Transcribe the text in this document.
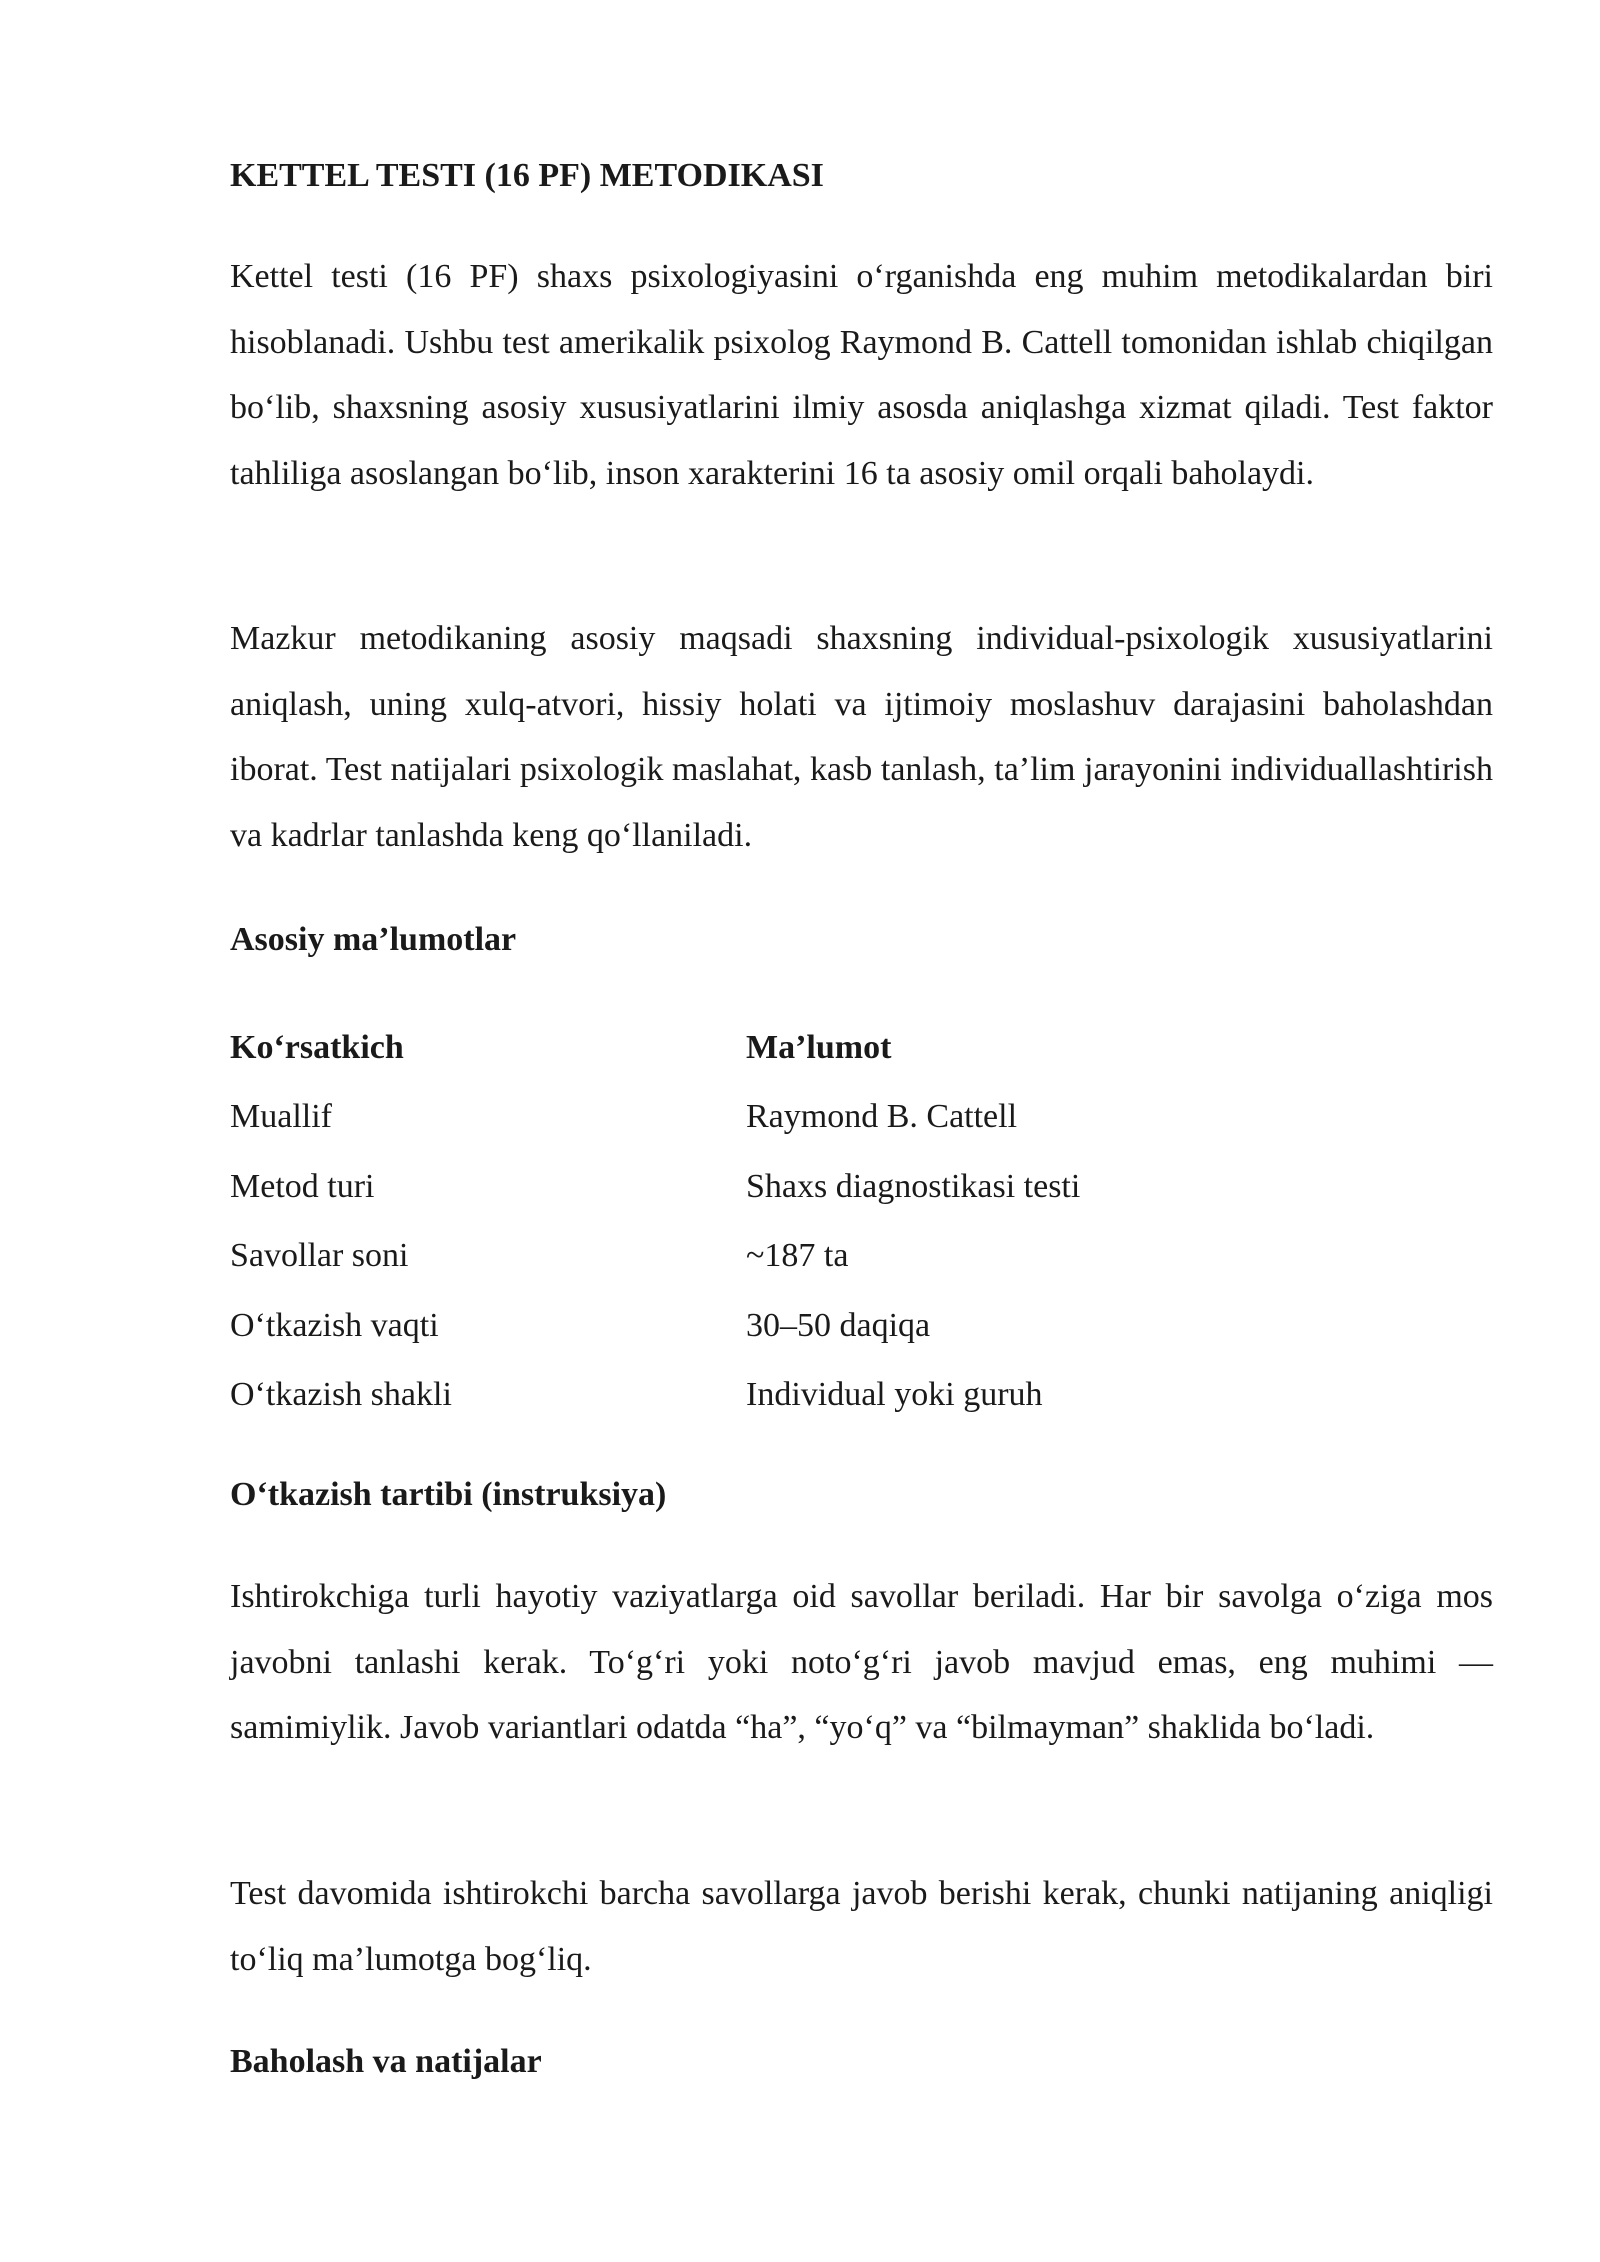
KETTEL TESTI (16 PF) METODIKASI

Kettel testi (16 PF) shaxs psixologiyasini o‘rganishda eng muhim metodikalardan biri hisoblanadi. Ushbu test amerikalik psixolog Raymond B. Cattell tomonidan ishlab chiqilgan bo‘lib, shaxsning asosiy xususiyatlarini ilmiy asosda aniqlashga xizmat qiladi. Test faktor tahliliga asoslangan bo‘lib, inson xarakterini 16 ta asosiy omil orqali baholaydi.

Mazkur metodikaning asosiy maqsadi shaxsning individual-psixologik xususiyatlarini aniqlash, uning xulq-atvori, hissiy holati va ijtimoiy moslashuv darajasini baholashdan iborat. Test natijalari psixologik maslahat, kasb tanlash, ta’lim jarayonini individuallashtirish va kadrlar tanlashda keng qo‘llaniladi.

Asosiy ma’lumotlar
Ko‘rsatkich	Ma’lumot
Muallif	Raymond B. Cattell
Metod turi	Shaxs diagnostikasi testi
Savollar soni	~187 ta
O‘tkazish vaqti	30–50 daqiqa
O‘tkazish shakli	Individual yoki guruh
O‘tkazish tartibi (instruksiya)

Ishtirokchiga turli hayotiy vaziyatlarga oid savollar beriladi. Har bir savolga o‘ziga mos javobni tanlashi kerak. To‘g‘ri yoki noto‘g‘ri javob mavjud emas, eng muhimi — samimiylik. Javob variantlari odatda “ha”, “yo‘q” va “bilmayman” shaklida bo‘ladi.

Test davomida ishtirokchi barcha savollarga javob berishi kerak, chunki natijaning aniqligi to‘liq ma’lumotga bog‘liq.

Baholash va natijalar
